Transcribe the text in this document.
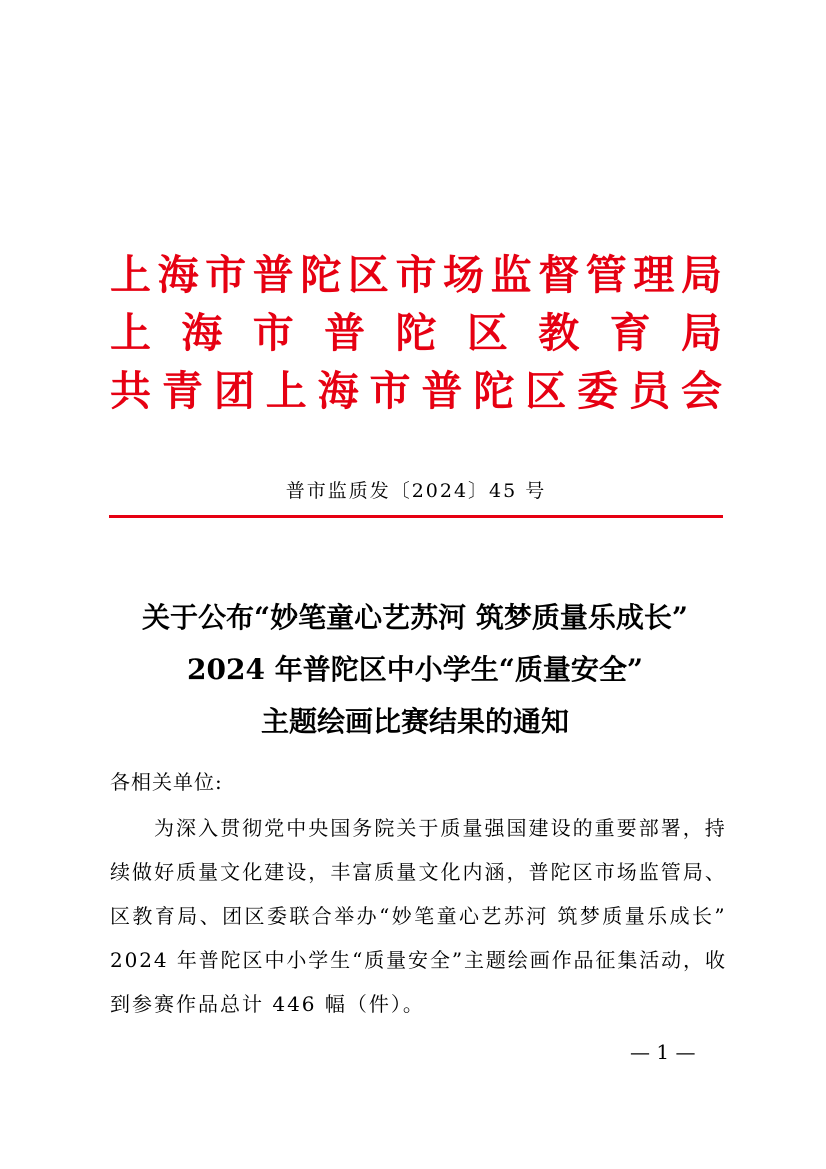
上 海 市 普 陀 区 市 场 监 督 管 理 局
上 海 市 普 陀 区 教 育 局
共 青 团 上 海 市 普 陀 区 委 员 会
普市监质发〔2024〕45 号
关于公布“妙笔童心艺苏河 筑梦质量乐成长”
2024 年普陀区中小学生“质量安全”
主题绘画比赛结果的通知
各相关单位:
为 深 入 贯 彻 党 中 央 国 务 院 关 于 质 量 强 国 建 设 的 重 要 部 署 ， 持
续 做 好 质 量 文 化 建 设 ， 丰 富 质 量 文 化 内 涵 ， 普 陀 区 市 场 监 管 局 、
区 教 育 局 、 团 区 委 联 合 举 办 “ 妙 笔 童 心 艺 苏 河
筑 梦 质 量 乐 成 长 ”
2 0 2 4
年 普 陀 区 中 小 学 生 “ 质 量 安 全 ” 主 题 绘 画 作 品 征 集 活 动 ， 收
到参赛作品总计 446 幅（件）。
— 1 —
